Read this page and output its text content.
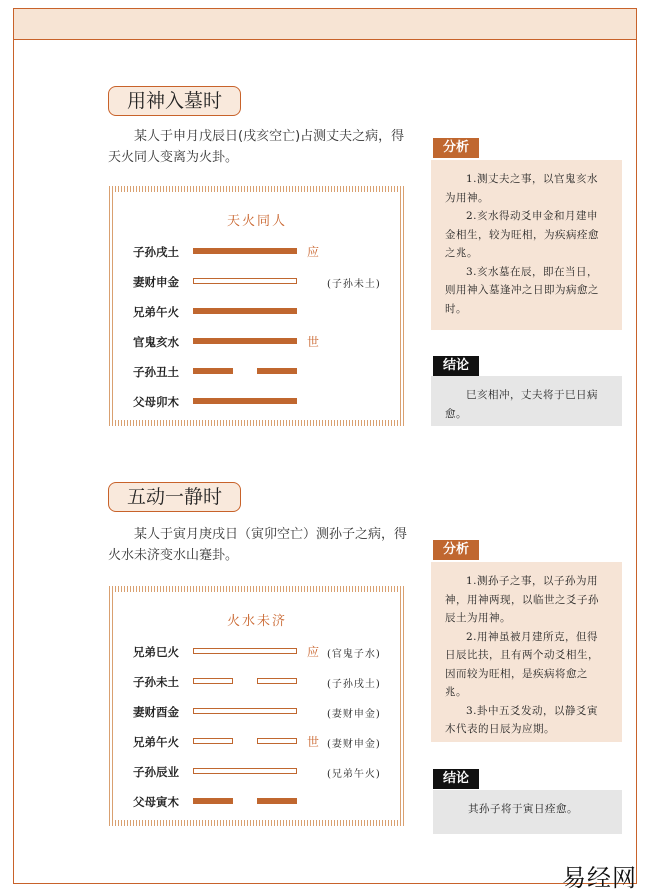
用神入墓时
某人于申月戊辰日(戌亥空亡)占测丈夫之病，得天火同人变离为火卦。
天火同人
子孙戌土	应
妻财申金	(子孙未土)
兄弟午火
官鬼亥水	世
子孙丑土
父母卯木
分析

1.测丈夫之事，以官鬼亥水为用神。

2.亥水得动爻申金和月建申金相生，较为旺相，为疾病痊愈之兆。

3.亥水墓在辰，即在当日，则用神入墓逢冲之日即为病愈之时。

结论

巳亥相冲，丈夫将于巳日病愈。

五动一静时
某人于寅月庚戌日（寅卯空亡）测孙子之病，得火水未济变水山蹇卦。
火水未济
兄弟巳火	应 (官鬼子水)
子孙未土	(子孙戌土)
妻财酉金	(妻财申金)
兄弟午火	世 (妻财申金)
子孙辰业	(兄弟午火)
父母寅木
分析

1.测孙子之事，以子孙为用神，用神两现，以临世之爻子孙辰土为用神。

2.用神虽被月建所克，但得日辰比扶，且有两个动爻相生，因而较为旺相，是疾病将愈之兆。

3.卦中五爻发动，以静爻寅木代表的日辰为应期。

结论

其孙子将于寅日痊愈。

易经网
